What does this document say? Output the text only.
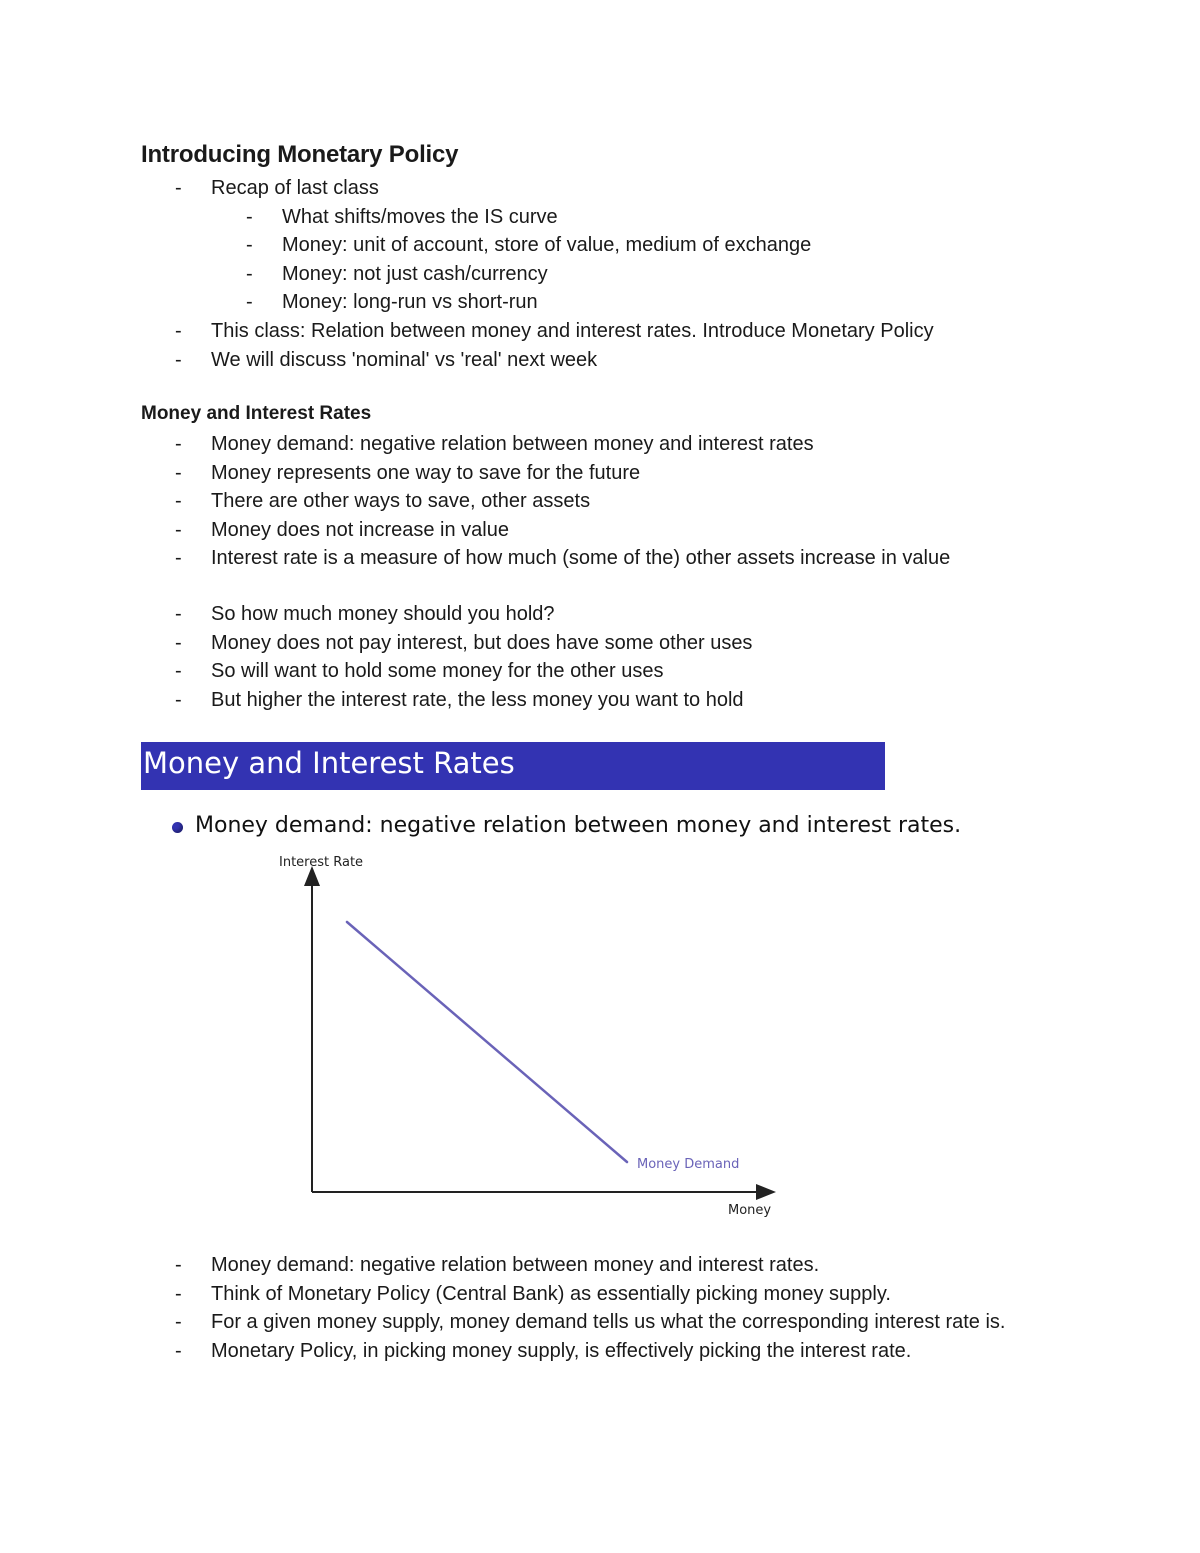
Introducing Monetary Policy
- Recap of last class
- What shifts/moves the IS curve
- Money: unit of account, store of value, medium of exchange
- Money: not just cash/currency
- Money: long-run vs short-run
- This class: Relation between money and interest rates. Introduce Monetary Policy
- We will discuss 'nominal' vs 'real' next week
Money and Interest Rates
- Money demand: negative relation between money and interest rates
- Money represents one way to save for the future
- There are other ways to save, other assets
- Money does not increase in value
- Interest rate is a measure of how much (some of the) other assets increase in value
- So how much money should you hold?
- Money does not pay interest, but does have some other uses
- So will want to hold some money for the other uses
- But higher the interest rate, the less money you want to hold
Money and Interest Rates
Money demand: negative relation between money and interest rates.
Interest Rate
Money
Money Demand
- Money demand: negative relation between money and interest rates.
- Think of Monetary Policy (Central Bank) as essentially picking money supply.
- For a given money supply, money demand tells us what the corresponding interest rate is.
- Monetary Policy, in picking money supply, is effectively picking the interest rate.
